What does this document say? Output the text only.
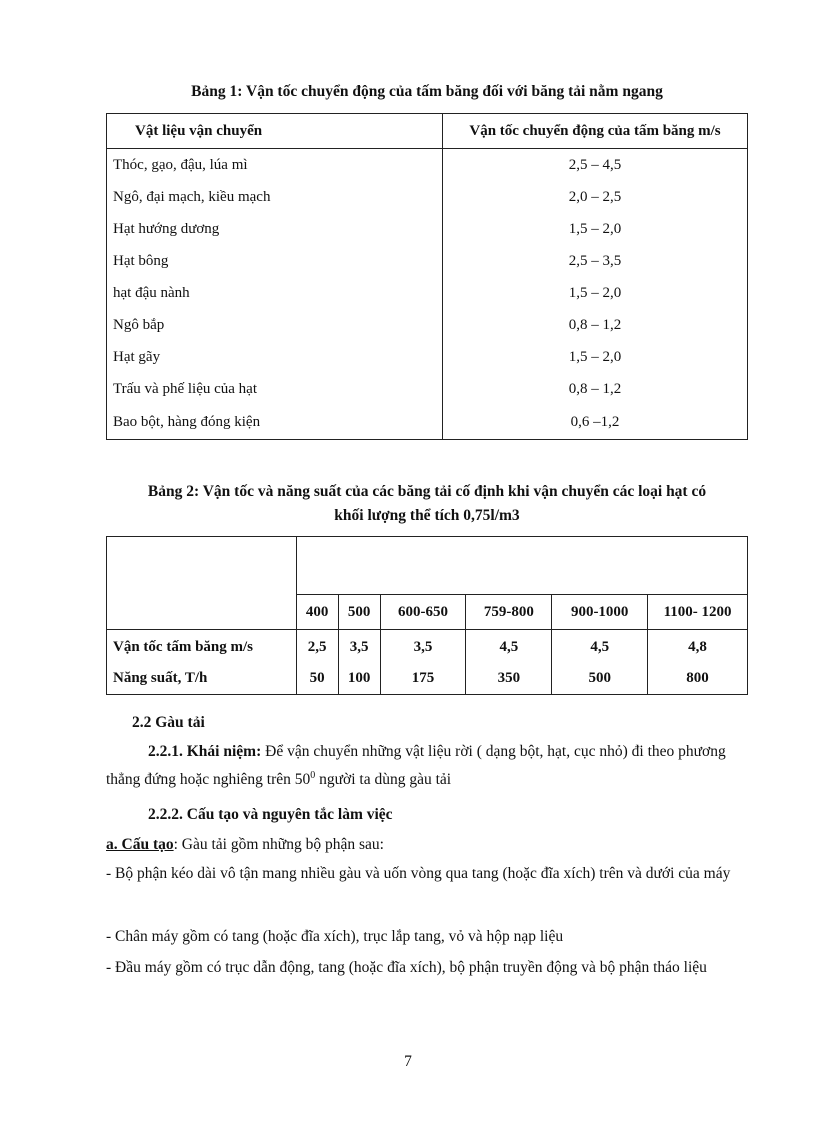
Bảng 1: Vận tốc chuyển động của tấm băng đối với băng tải nằm ngang
Vật liệu vận chuyển	Vận tốc chuyển động của tấm băng m/s
Thóc, gạo, đậu, lúa mì	2,5 – 4,5
Ngô, đại mạch, kiều mạch	2,0 – 2,5
Hạt hướng dương	1,5 – 2,0
Hạt bông	2,5 – 3,5
hạt đậu nành	1,5 – 2,0
Ngô bắp	0,8 – 1,2
Hạt gãy	1,5 – 2,0
Trấu và phế liệu của hạt	0,8 – 1,2
Bao bột, hàng đóng kiện	0,6 –1,2
Bảng 2: Vận tốc và năng suất của các băng tải cố định khi vận chuyển các loại hạt có
khối lượng thể tích 0,75l/m3

	400	500	600-650	759-800	900-1000	1100- 1200
Vận tốc tấm băng m/s	2,5	3,5	3,5	4,5	4,5	4,8
Năng suất, T/h	50	100	175	350	500	800
2.2 Gàu tải
2.2.1. Khái niệm: Để vận chuyển những vật liệu rời ( dạng bột, hạt, cục nhỏ) đi theo phương thẳng đứng hoặc nghiêng trên $50^0$ người ta dùng gàu tải
2.2.2. Cấu tạo và nguyên tắc làm việc
a. Cấu tạo: Gàu tải gồm những bộ phận sau:
- Bộ phận kéo dài vô tận mang nhiều gàu và uốn vòng qua tang (hoặc đĩa xích) trên và dưới của máy
- Chân máy gồm có tang (hoặc đĩa xích), trục lắp tang, vỏ và hộp nạp liệu
- Đầu máy gồm có trục dẫn động, tang (hoặc đĩa xích), bộ phận truyền động và bộ phận tháo liệu
7
